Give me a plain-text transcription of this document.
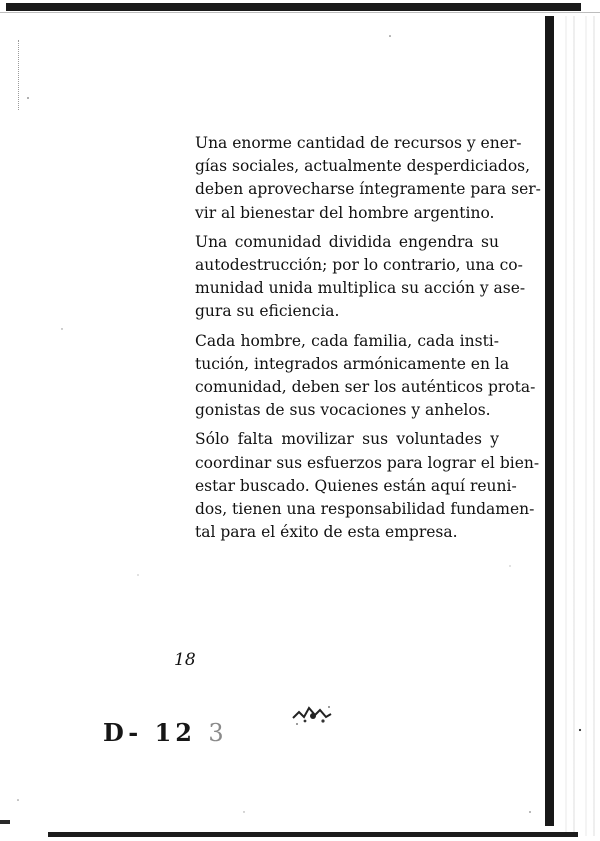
Una enorme cantidad de recursos y ener-
gías sociales, actualmente desperdiciados,
deben aprovecharse íntegramente para ser-
vir al bienestar del hombre argentino.

Una comunidad dividida engendra su
autodestrucción; por lo contrario, una co-
munidad unida multiplica su acción y ase-
gura su eficiencia.

Cada hombre, cada familia, cada insti-
tución, integrados armónicamente en la
comunidad, deben ser los auténticos prota-
gonistas de sus vocaciones y anhelos.

Sólo falta movilizar sus voluntades y
coordinar sus esfuerzos para lograr el bien-
estar buscado. Quienes están aquí reuni-
dos, tienen una responsabilidad fundamen-
tal para el éxito de esta empresa.

18
D- 12 3
